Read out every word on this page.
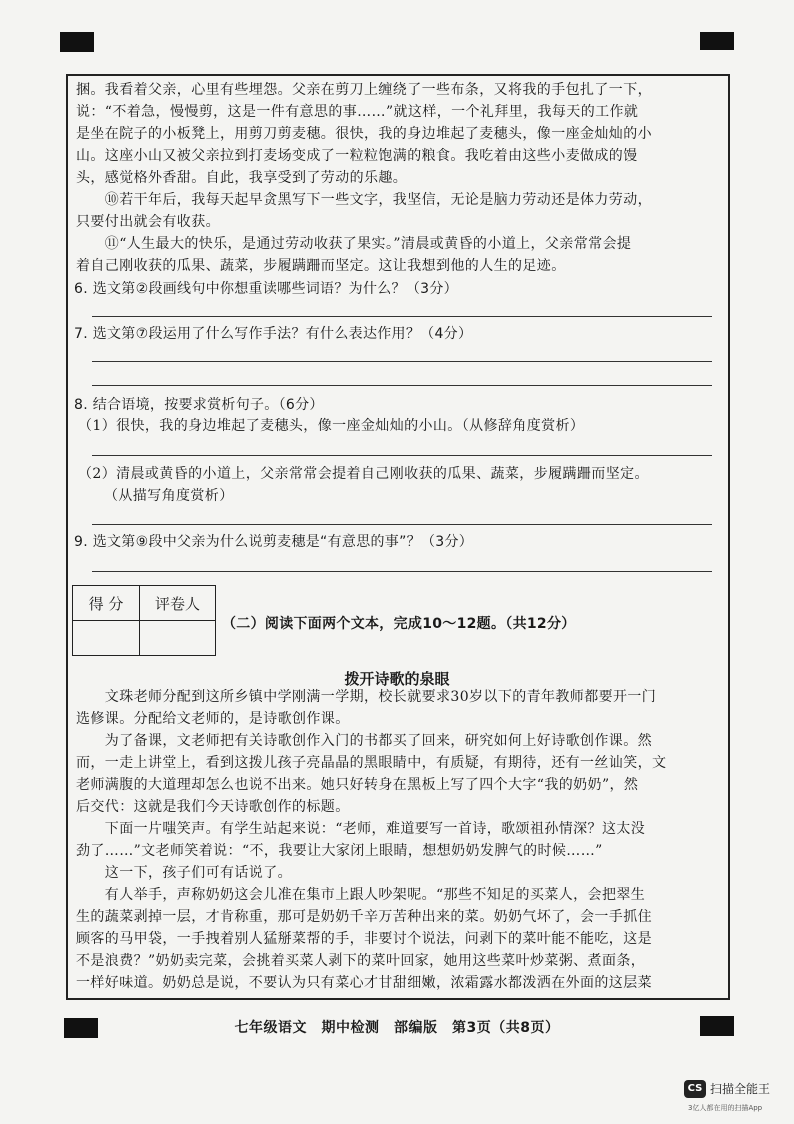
捆。我看着父亲，心里有些埋怨。父亲在剪刀上缠绕了一些布条，又将我的手包扎了一下，
说：“不着急，慢慢剪，这是一件有意思的事……”就这样，一个礼拜里，我每天的工作就
是坐在院子的小板凳上，用剪刀剪麦穗。很快，我的身边堆起了麦穗头，像一座金灿灿的小
山。这座小山又被父亲拉到打麦场变成了一粒粒饱满的粮食。我吃着由这些小麦做成的馒
头，感觉格外香甜。自此，我享受到了劳动的乐趣。
　　⑩若干年后，我每天起早贪黑写下一些文字，我坚信，无论是脑力劳动还是体力劳动，
只要付出就会有收获。
　　⑪“人生最大的快乐，是通过劳动收获了果实。”清晨或黄昏的小道上，父亲常常会提
着自己刚收获的瓜果、蔬菜，步履蹒跚而坚定。这让我想到他的人生的足迹。
6. 选文第②段画线句中你想重读哪些词语？为什么？（3分）
7. 选文第⑦段运用了什么写作手法？有什么表达作用？（4分）
8. 结合语境，按要求赏析句子。（6分）
（1）很快，我的身边堆起了麦穗头，像一座金灿灿的小山。（从修辞角度赏析）
（2）清晨或黄昏的小道上，父亲常常会提着自己刚收获的瓜果、蔬菜，步履蹒跚而坚定。
（从描写角度赏析）
9. 选文第⑨段中父亲为什么说剪麦穗是“有意思的事”？（3分）
得 分	评卷人

（二）阅读下面两个文本，完成10～12题。（共12分）
拨开诗歌的泉眼
　　文珠老师分配到这所乡镇中学刚满一学期，校长就要求30岁以下的青年教师都要开一门
选修课。分配给文老师的，是诗歌创作课。
　　为了备课，文老师把有关诗歌创作入门的书都买了回来，研究如何上好诗歌创作课。然
而，一走上讲堂上，看到这拨儿孩子亮晶晶的黑眼睛中，有质疑，有期待，还有一丝讪笑，文
老师满腹的大道理却怎么也说不出来。她只好转身在黑板上写了四个大字“我的奶奶”，然
后交代：这就是我们今天诗歌创作的标题。
　　下面一片嗤笑声。有学生站起来说：“老师，难道要写一首诗，歌颂祖孙情深？这太没
劲了……”文老师笑着说：“不，我要让大家闭上眼睛，想想奶奶发脾气的时候……”
　　这一下，孩子们可有话说了。
　　有人举手，声称奶奶这会儿准在集市上跟人吵架呢。“那些不知足的买菜人，会把翠生
生的蔬菜剥掉一层，才肯称重，那可是奶奶千辛万苦种出来的菜。奶奶气坏了，会一手抓住
顾客的马甲袋，一手拽着别人猛掰菜帮的手，非要讨个说法，问剥下的菜叶能不能吃，这是
不是浪费？”奶奶卖完菜，会挑着买菜人剥下的菜叶回家，她用这些菜叶炒菜粥、煮面条，
一样好味道。奶奶总是说，不要认为只有菜心才甘甜细嫩，浓霜露水都泼洒在外面的这层菜
七年级语文　期中检测　部编版　第3页（共8页）
CS 扫描全能王
3亿人都在用的扫描App
